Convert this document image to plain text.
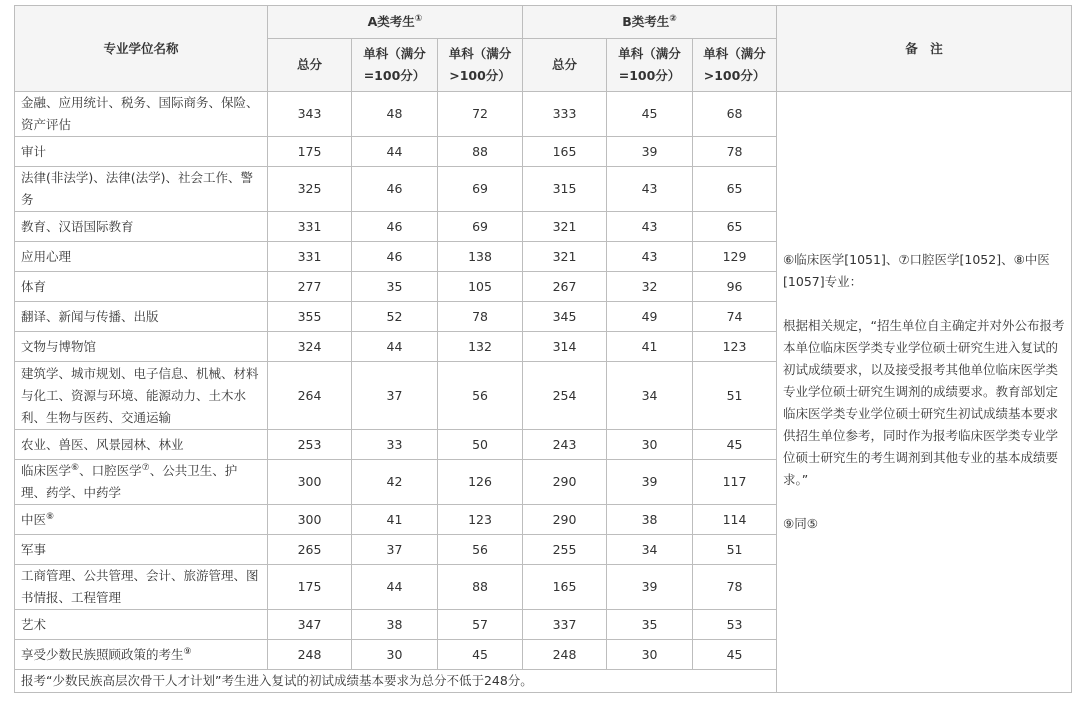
专业学位名称	A类考生①			B类考生②			备　注
	总分	单科（满分=100分）	单科（满分>100分）	总分	单科（满分=100分）	单科（满分>100分）	
金融、应用统计、税务、国际商务、保险、资产评估	343	48	72	333	45	68	⑥临床医学[1051]、⑦口腔医学[1052]、⑧中医[1057]专业：

根据相关规定，“招生单位自主确定并对外公布报考本单位临床医学类专业学位硕士研究生进入复试的初试成绩要求，以及接受报考其他单位临床医学类专业学位硕士研究生调剂的成绩要求。教育部划定临床医学类专业学位硕士研究生初试成绩基本要求供招生单位参考，同时作为报考临床医学类专业学位硕士研究生的考生调剂到其他专业的基本成绩要求。”

⑨同⑤

审计	175	44	88	165	39	78	
法律(非法学)、法律(法学)、社会工作、警务	325	46	69	315	43	65	
教育、汉语国际教育	331	46	69	321	43	65	
应用心理	331	46	138	321	43	129	
体育	277	35	105	267	32	96	
翻译、新闻与传播、出版	355	52	78	345	49	74	
文物与博物馆	324	44	132	314	41	123	
建筑学、城市规划、电子信息、机械、材料与化工、资源与环境、能源动力、土木水利、生物与医药、交通运输	264	37	56	254	34	51	
农业、兽医、风景园林、林业	253	33	50	243	30	45	
临床医学⑥、口腔医学⑦、公共卫生、护理、药学、中药学	300	42	126	290	39	117	
中医⑧	300	41	123	290	38	114	
军事	265	37	56	255	34	51	
工商管理、公共管理、会计、旅游管理、图书情报、工程管理	175	44	88	165	39	78	
艺术	347	38	57	337	35	53	
享受少数民族照顾政策的考生⑨	248	30	45	248	30	45	
报考“少数民族高层次骨干人才计划”考生进入复试的初试成绩基本要求为总分不低于248分。							
